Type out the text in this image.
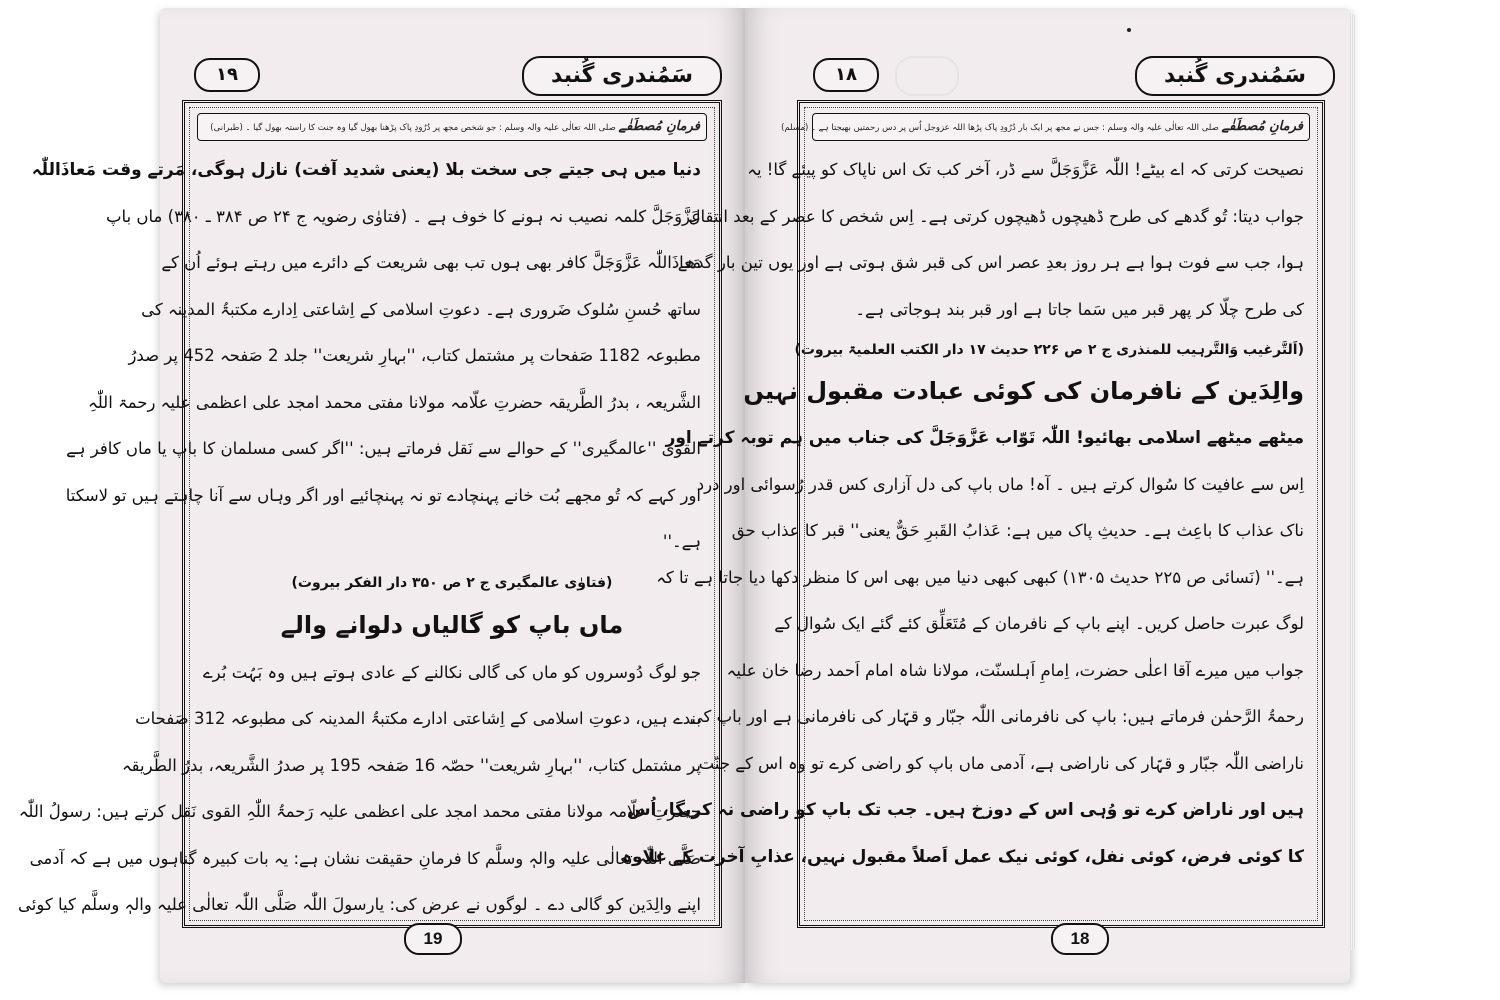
١٩	سَمُندری گُنبد
فرمانِ مُصطَفٰے صلی اللہ تعالٰی علیہ والہ وسلم : جو شخص مجھ پر دُرُودِ پاک پڑھنا بھول گیا وہ جنت کا راستہ بھول گیا ۔ (طبرانی)
دنیا میں ہی جیتے جی سخت بلا (یعنی شدید آفت) نازل ہوگی، مَرتے وقت مَعاذَاللّٰہ
عَزَّوَجَلَّ کلمہ نصیب نہ ہونے کا خوف ہے ۔ (فتاوٰی رضویہ ج ۲۴ ص ۳۸۴ ـ ۳۸۰) ماں باپ
مَعاذَاللّٰہ عَزَّوَجَلَّ کافر بھی ہوں تب بھی شریعت کے دائرے میں رہتے ہوئے اُن کے
ساتھ حُسنِ سُلوک ضَروری ہے۔ دعوتِ اسلامی کے اِشاعتی اِدارے مکتبۃُ المدینہ کی
مطبوعہ 1182 صَفحات پر مشتمل کتاب، ''بہارِ شریعت'' جلد 2 صَفحہ 452 پر صدرُ
الشَّریعہ ، بدرُ الطَّریقہ حضرتِ علّامہ مولانا مفتی محمد امجد علی اعظمی علیہ رحمۃ اللّٰہِ
القوی ''عالمگیری'' کے حوالے سے نَقل فرماتے ہیں: ''اگر کسی مسلمان کا باپ یا ماں کافر ہے
اور کہے کہ تُو مجھے بُت خانے پہنچادے تو نہ پہنچائیے اور اگر وہاں سے آنا چاہتے ہیں تو لاسکتا
ہے۔''
(فتاوٰی عالمگیری ج ۲ ص ۳۵۰ دار الفکر بیروت)
ماں باپ کو گالیاں دلوانے والے
جو لوگ دُوسروں کو ماں کی گالی نکالنے کے عادی ہوتے ہیں وہ بَہُت بُرے
بندے ہیں، دعوتِ اسلامی کے اِشاعتی ادارے مکتبۃُ المدینہ کی مطبوعہ 312 صَفحات
پر مشتمل کتاب، ''بہارِ شریعت'' حصّہ 16 صَفحہ 195 پر صدرُ الشَّریعہ، بدرُ الطَّریقہ
حضرتِ علّامہ مولانا مفتی محمد امجد علی اعظمی علیہ رَحمۃُ اللّٰہِ القوی نَقل کرتے ہیں: رسولُ اللّٰہ
صَلَّی اللّٰہ تعالٰی علیہ والہٖ وسلَّم کا فرمانِ حقیقت نشان ہے: یہ بات کبیرہ گناہوں میں ہے کہ آدمی
اپنے والِدَین کو گالی دے ۔ لوگوں نے عرض کی: یارسولَ اللّٰہ صَلَّی اللّٰہ تعالٰی علیہ والہٖ وسلَّم کیا کوئی
19
١٨	سَمُندری گُنبد
فرمانِ مُصطَفٰے صلی اللہ تعالٰی علیہ والہ وسلم : جس نے مجھ پر ایک بار دُرُودِ پاک پڑھا اللہ عزوجل اُس پر دس رحمتیں بھیجتا ہے ۔ (مسلم)
نصیحت کرتی کہ اے بیٹے! اللّٰہ عَزَّوَجَلَّ سے ڈر، آخر کب تک اس ناپاک کو پیئے گا! یہ
جواب دیتا: تُو گدھے کی طرح ڈھیچوں ڈھیچوں کرتی ہے۔ اِس شخص کا عصر کے بعد انتقال
ہوا، جب سے فوت ہوا ہے ہر روز بعدِ عصر اس کی قبر شق ہوتی ہے اور یوں تین بار گدھے
کی طرح چلّا کر پھر قبر میں سَما جاتا ہے اور قبر بند ہوجاتی ہے۔
(اَلتَّرغیب وَالتَّرہیب للمنذری ج ۲ ص ۲۲۶ حدیث ۱۷ دار الکتب العلمیۃ بیروت)
والِدَین کے نافرمان کی کوئی عبادت مقبول نہیں
میٹھے میٹھے اسلامی بھائیو! اللّٰہ تَوّاب عَزَّوَجَلَّ کی جناب میں ہم توبہ کرتے اور
اِس سے عافیت کا سُوال کرتے ہیں ۔ آہ! ماں باپ کی دل آزاری کس قدر رُسوائی اور درد
ناک عذاب کا باعِث ہے۔ حدیثِ پاک میں ہے: عَذابُ القَبرِ حَقٌّ یعنی'' قبر کا عذاب حق
ہے۔'' (نَسائی ص ۲۲۵ حدیث ۱۳۰۵) کبھی کبھی دنیا میں بھی اس کا منظر دکھا دیا جاتا ہے تا کہ
لوگ عبرت حاصل کریں۔ اپنے باپ کے نافرمان کے مُتَعَلِّق کئے گئے ایک سُوال کے
جواب میں میرے آقا اعلٰی حضرت، اِمامِ اَہلسنّت، مولانا شاہ امام اَحمد رضا خان علیہ
رحمۃُ الرَّحمٰن فرماتے ہیں: باپ کی نافرمانی اللّٰہ جبّار و قہّار کی نافرمانی ہے اور باپ کی
ناراضی اللّٰہ جبّار و قہّار کی ناراضی ہے، آدمی ماں باپ کو راضی کرے تو وہ اس کے جنّت
ہیں اور ناراض کرے تو وُہی اس کے دوزخ ہیں۔ جب تک باپ کو راضی نہ کریگا، اُس
کا کوئی فرض، کوئی نفل، کوئی نیک عمل اَصلاً مقبول نہیں، عذابِ آخرت کے علاوہ
18
